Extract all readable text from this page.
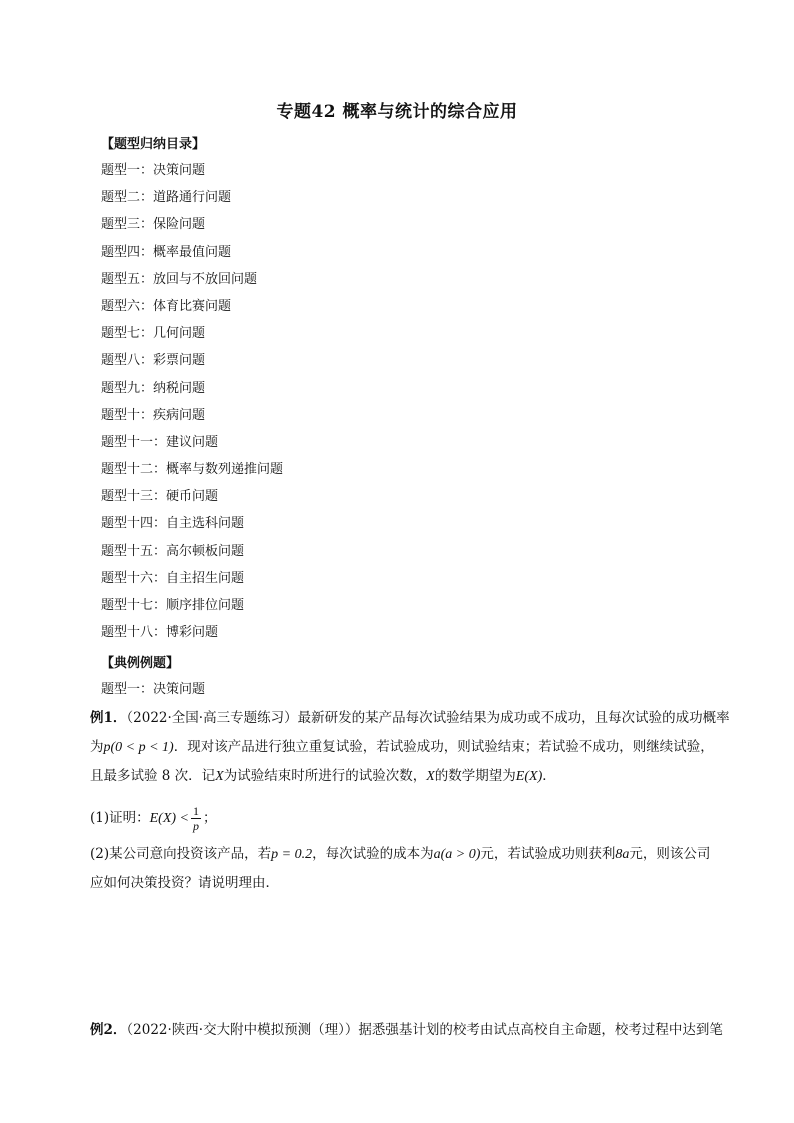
专题42 概率与统计的综合应用
【题型归纳目录】
题型一：决策问题
题型二：道路通行问题
题型三：保险问题
题型四：概率最值问题
题型五：放回与不放回问题
题型六：体育比赛问题
题型七：几何问题
题型八：彩票问题
题型九：纳税问题
题型十：疾病问题
题型十一：建议问题
题型十二：概率与数列递推问题
题型十三：硬币问题
题型十四：自主选科问题
题型十五：高尔顿板问题
题型十六：自主招生问题
题型十七：顺序排位问题
题型十八：博彩问题
【典例例题】
题型一：决策问题
例1．（2022·全国·高三专题练习）最新研发的某产品每次试验结果为成功或不成功，且每次试验的成功概率
为p(0 < p < 1)．现对该产品进行独立重复试验，若试验成功，则试验结束；若试验不成功，则继续试验，
且最多试验 8 次．记X为试验结束时所进行的试验次数，X的数学期望为E(X)．
(1)证明：$E(X) < \frac{1}{p}$ ；
(2)某公司意向投资该产品，若p = 0.2，每次试验的成本为a(a > 0)元，若试验成功则获利8a元，则该公司
应如何决策投资？请说明理由．
例2．（2022·陕西·交大附中模拟预测（理））据悉强基计划的校考由试点高校自主命题，校考过程中达到笔
